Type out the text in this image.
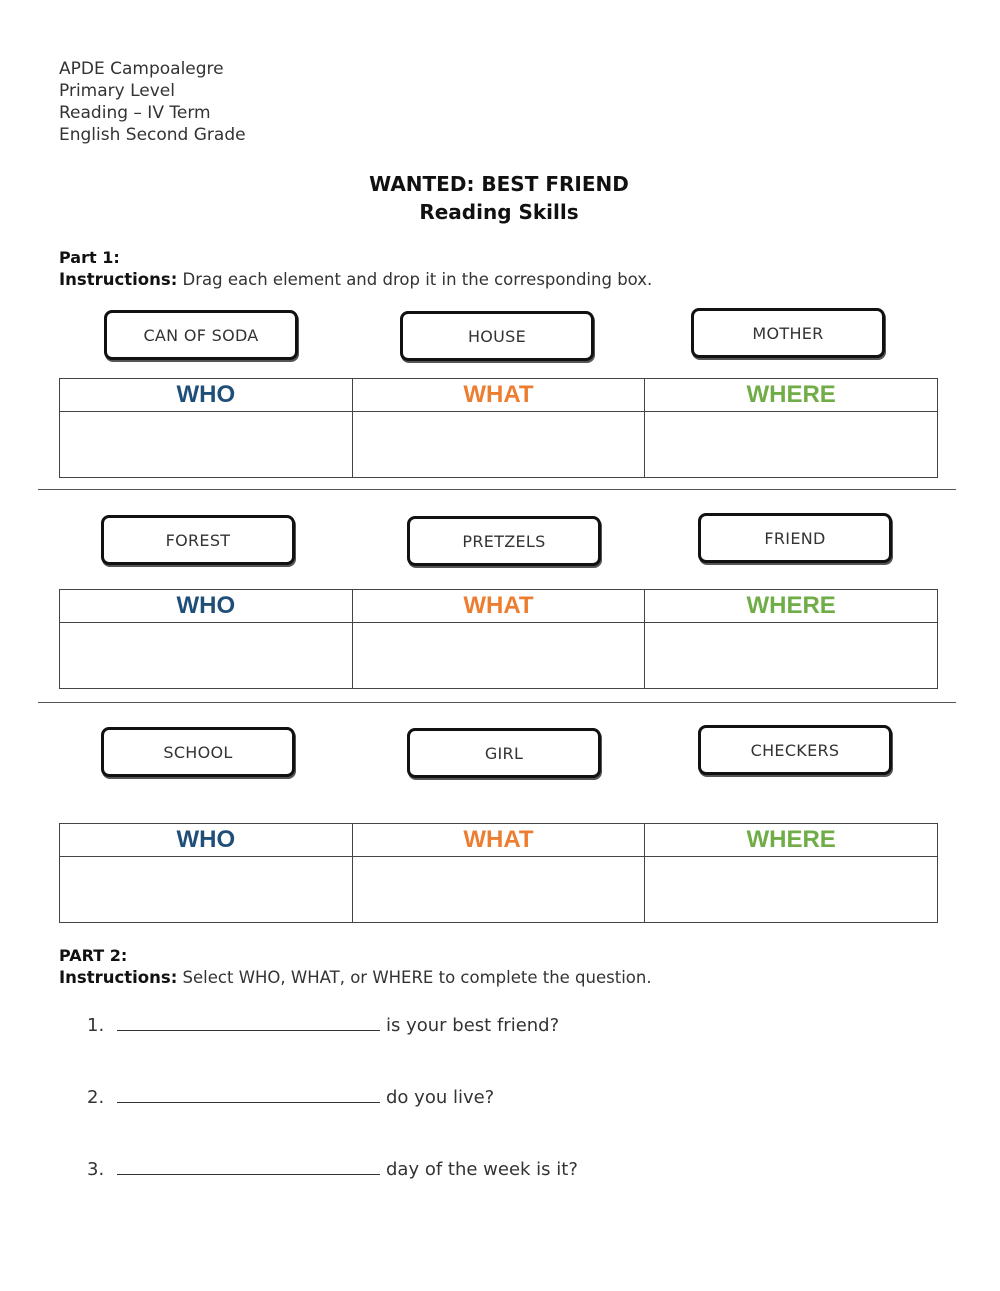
APDE Campoalegre
Primary Level
Reading – IV Term
English Second Grade
WANTED: BEST FRIEND
Reading Skills
Part 1:
Instructions: Drag each element and drop it in the corresponding box.
CAN OF SODA	HOUSE	MOTHER
WHO	WHAT	WHERE

FOREST	PRETZELS	FRIEND
WHO	WHAT	WHERE

SCHOOL	GIRL	CHECKERS
WHO	WHAT	WHERE

PART 2:
Instructions: Select WHO, WHAT, or WHERE to complete the question.
1.	is your best friend?
2.	do you live?
3.	day of the week is it?
